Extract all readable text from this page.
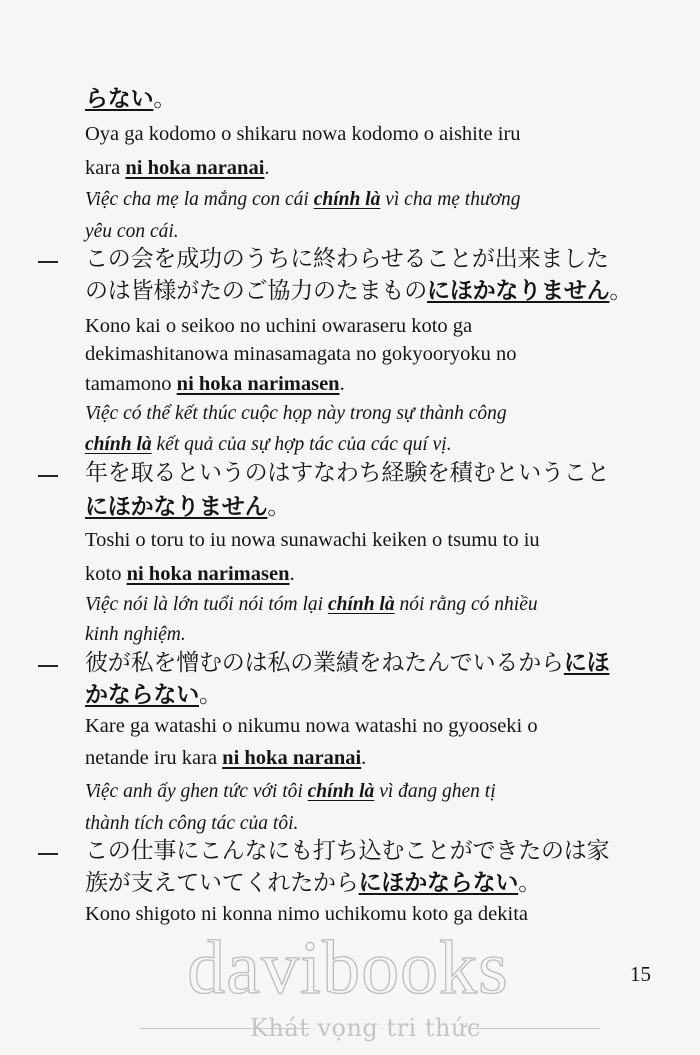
らない。
Oya ga kodomo o shikaru nowa kodomo o aishite iru
kara ni hoka naranai.
Việc cha mẹ la mắng con cái chính là vì cha mẹ thương
yêu con cái.
この会を成功のうちに終わらせることが出来ました
のは皆様がたのご協力のたまものにほかなりません。
Kono kai o seikoo no uchini owaraseru koto ga
dekimashitanowa minasamagata no gokyooryoku no
tamamono ni hoka narimasen.
Việc có thể kết thúc cuộc họp này trong sự thành công
chính là kết quả của sự hợp tác của các quí vị.
年を取るというのはすなわち経験を積むということ
にほかなりません。
Toshi o toru to iu nowa sunawachi keiken o tsumu to iu
koto ni hoka narimasen.
Việc nói là lớn tuổi nói tóm lại chính là nói rằng có nhiều
kinh nghiệm.
彼が私を憎むのは私の業績をねたんでいるからにほ
かならない。
Kare ga watashi o nikumu nowa watashi no gyooseki o
netande iru kara ni hoka naranai.
Việc anh ấy ghen tức với tôi chính là vì đang ghen tị
thành tích công tác của tôi.
この仕事にこんなにも打ち込むことができたのは家
族が支えていてくれたからにほかならない。
Kono shigoto ni konna nimo uchikomu koto ga dekita
davibooks
Khát vọng tri thức
15
